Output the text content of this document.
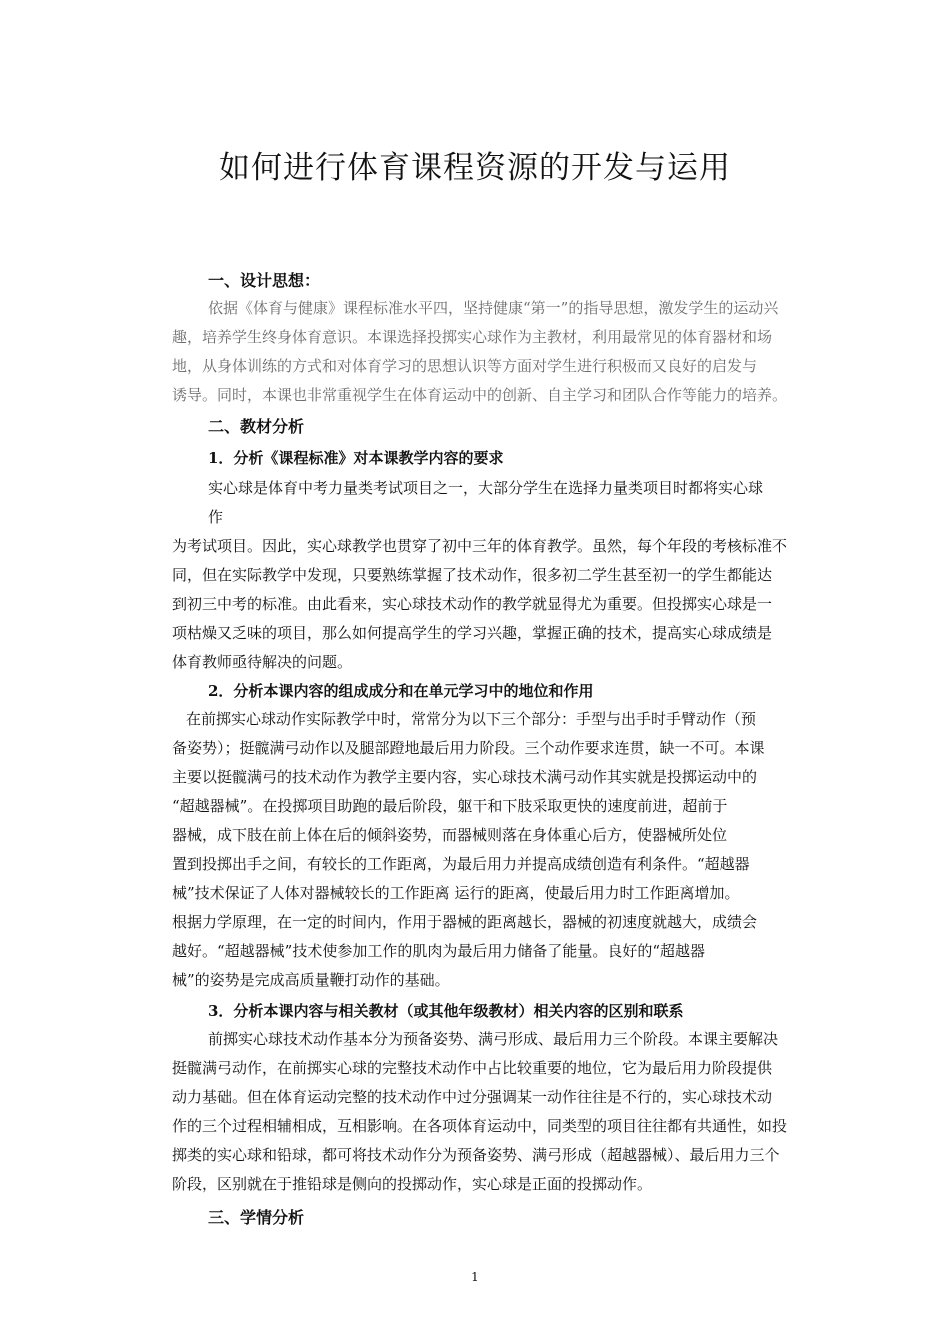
如何进行体育课程资源的开发与运用
一、设计思想：
依据《体育与健康》课程标准水平四，坚持健康“第一”的指导思想，激发学生的运动兴
趣，培养学生终身体育意识。本课选择投掷实心球作为主教材，利用最常见的体育器材和场
地，从身体训练的方式和对体育学习的思想认识等方面对学生进行积极而又良好的启发与
诱导。同时，本课也非常重视学生在体育运动中的创新、自主学习和团队合作等能力的培养。
二、教材分析
1．分析《课程标准》对本课教学内容的要求
实心球是体育中考力量类考试项目之一，大部分学生在选择力量类项目时都将实心球
作
为考试项目。因此，实心球教学也贯穿了初中三年的体育教学。虽然，每个年段的考核标准不
同，但在实际教学中发现，只要熟练掌握了技术动作，很多初二学生甚至初一的学生都能达
到初三中考的标准。由此看来，实心球技术动作的教学就显得尤为重要。但投掷实心球是一
项枯燥又乏味的项目，那么如何提高学生的学习兴趣，掌握正确的技术，提高实心球成绩是
体育教师亟待解决的问题。
2．分析本课内容的组成成分和在单元学习中的地位和作用
在前掷实心球动作实际教学中时，常常分为以下三个部分：手型与出手时手臂动作（预
备姿势）；挺髋满弓动作以及腿部蹬地最后用力阶段。三个动作要求连贯，缺一不可。本课
主要以挺髋满弓的技术动作为教学主要内容，实心球技术满弓动作其实就是投掷运动中的
“超越器械”。在投掷项目助跑的最后阶段，躯干和下肢采取更快的速度前进，超前于
器械，成下肢在前上体在后的倾斜姿势，而器械则落在身体重心后方，使器械所处位
置到投掷出手之间，有较长的工作距离，为最后用力并提高成绩创造有利条件。“超越器
械”技术保证了人体对器械较长的工作距离 运行的距离，使最后用力时工作距离增加。
根据力学原理，在一定的时间内，作用于器械的距离越长，器械的初速度就越大，成绩会
越好。“超越器械”技术使参加工作的肌肉为最后用力储备了能量。良好的“超越器
械”的姿势是完成高质量鞭打动作的基础。
3．分析本课内容与相关教材（或其他年级教材）相关内容的区别和联系
前掷实心球技术动作基本分为预备姿势、满弓形成、最后用力三个阶段。本课主要解决
挺髋满弓动作，在前掷实心球的完整技术动作中占比较重要的地位，它为最后用力阶段提供
动力基础。但在体育运动完整的技术动作中过分强调某一动作往往是不行的，实心球技术动
作的三个过程相辅相成，互相影响。在各项体育运动中，同类型的项目往往都有共通性，如投
掷类的实心球和铅球，都可将技术动作分为预备姿势、满弓形成（超越器械）、最后用力三个
阶段，区别就在于推铅球是侧向的投掷动作，实心球是正面的投掷动作。
三、学情分析

1
